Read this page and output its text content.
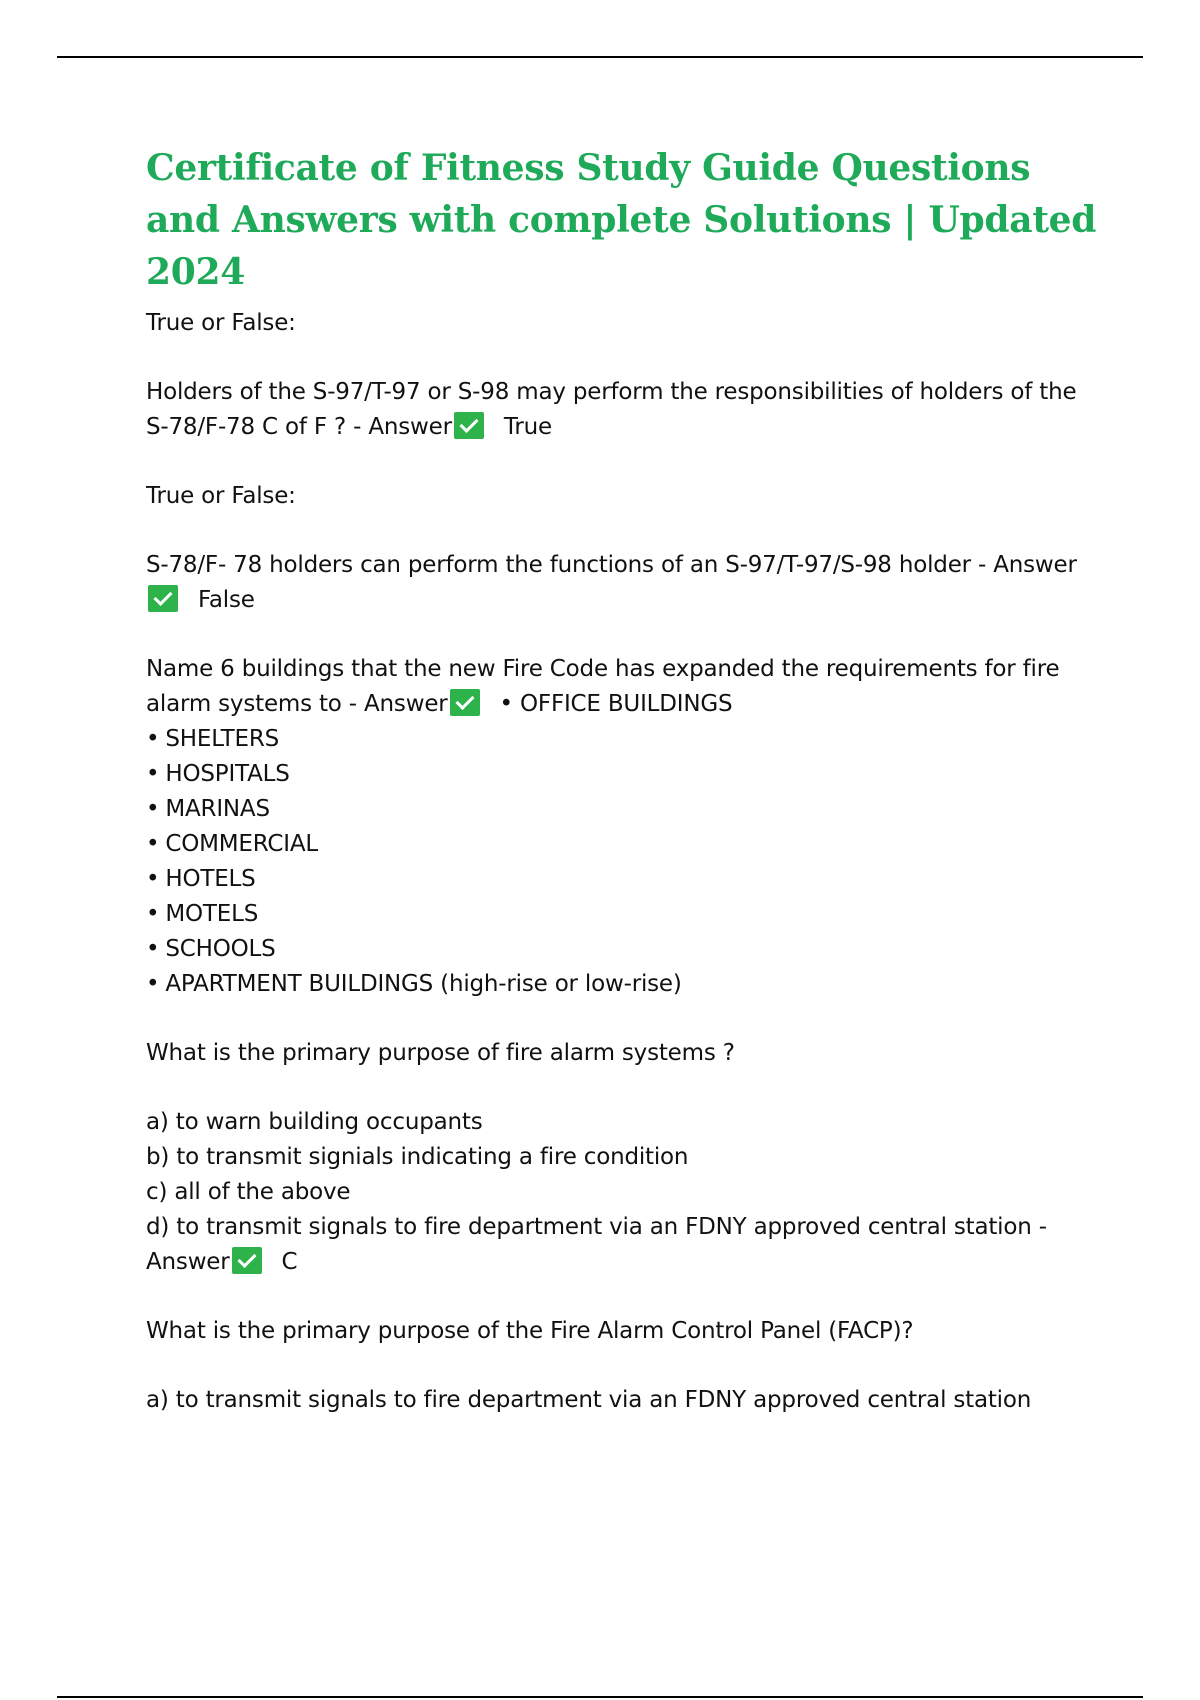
Certificate of Fitness Study Guide Questions and Answers with complete Solutions | Updated 2024

True or False:

Holders of the S-97/T-97 or S-98 may perform the responsibilities of holders of the S-78/F-78 C of F ? - Answer True

True or False:

S-78/F- 78 holders can perform the functions of an S-97/T-97/S-98 holder - AnswerFalse

Name 6 buildings that the new Fire Code has expanded the requirements for fire alarm systems to - Answer • OFFICE BUILDINGS

• SHELTERS
• HOSPITALS
• MARINAS
• COMMERCIAL
• HOTELS
• MOTELS
• SCHOOLS
• APARTMENT BUILDINGS (high-rise or low-rise)

What is the primary purpose of fire alarm systems ?

a) to warn building occupants
b) to transmit signials indicating a fire condition
c) all of the above
d) to transmit signals to fire department via an FDNY approved central station - Answer C

What is the primary purpose of the Fire Alarm Control Panel (FACP)?

a) to transmit signals to fire department via an FDNY approved central station
